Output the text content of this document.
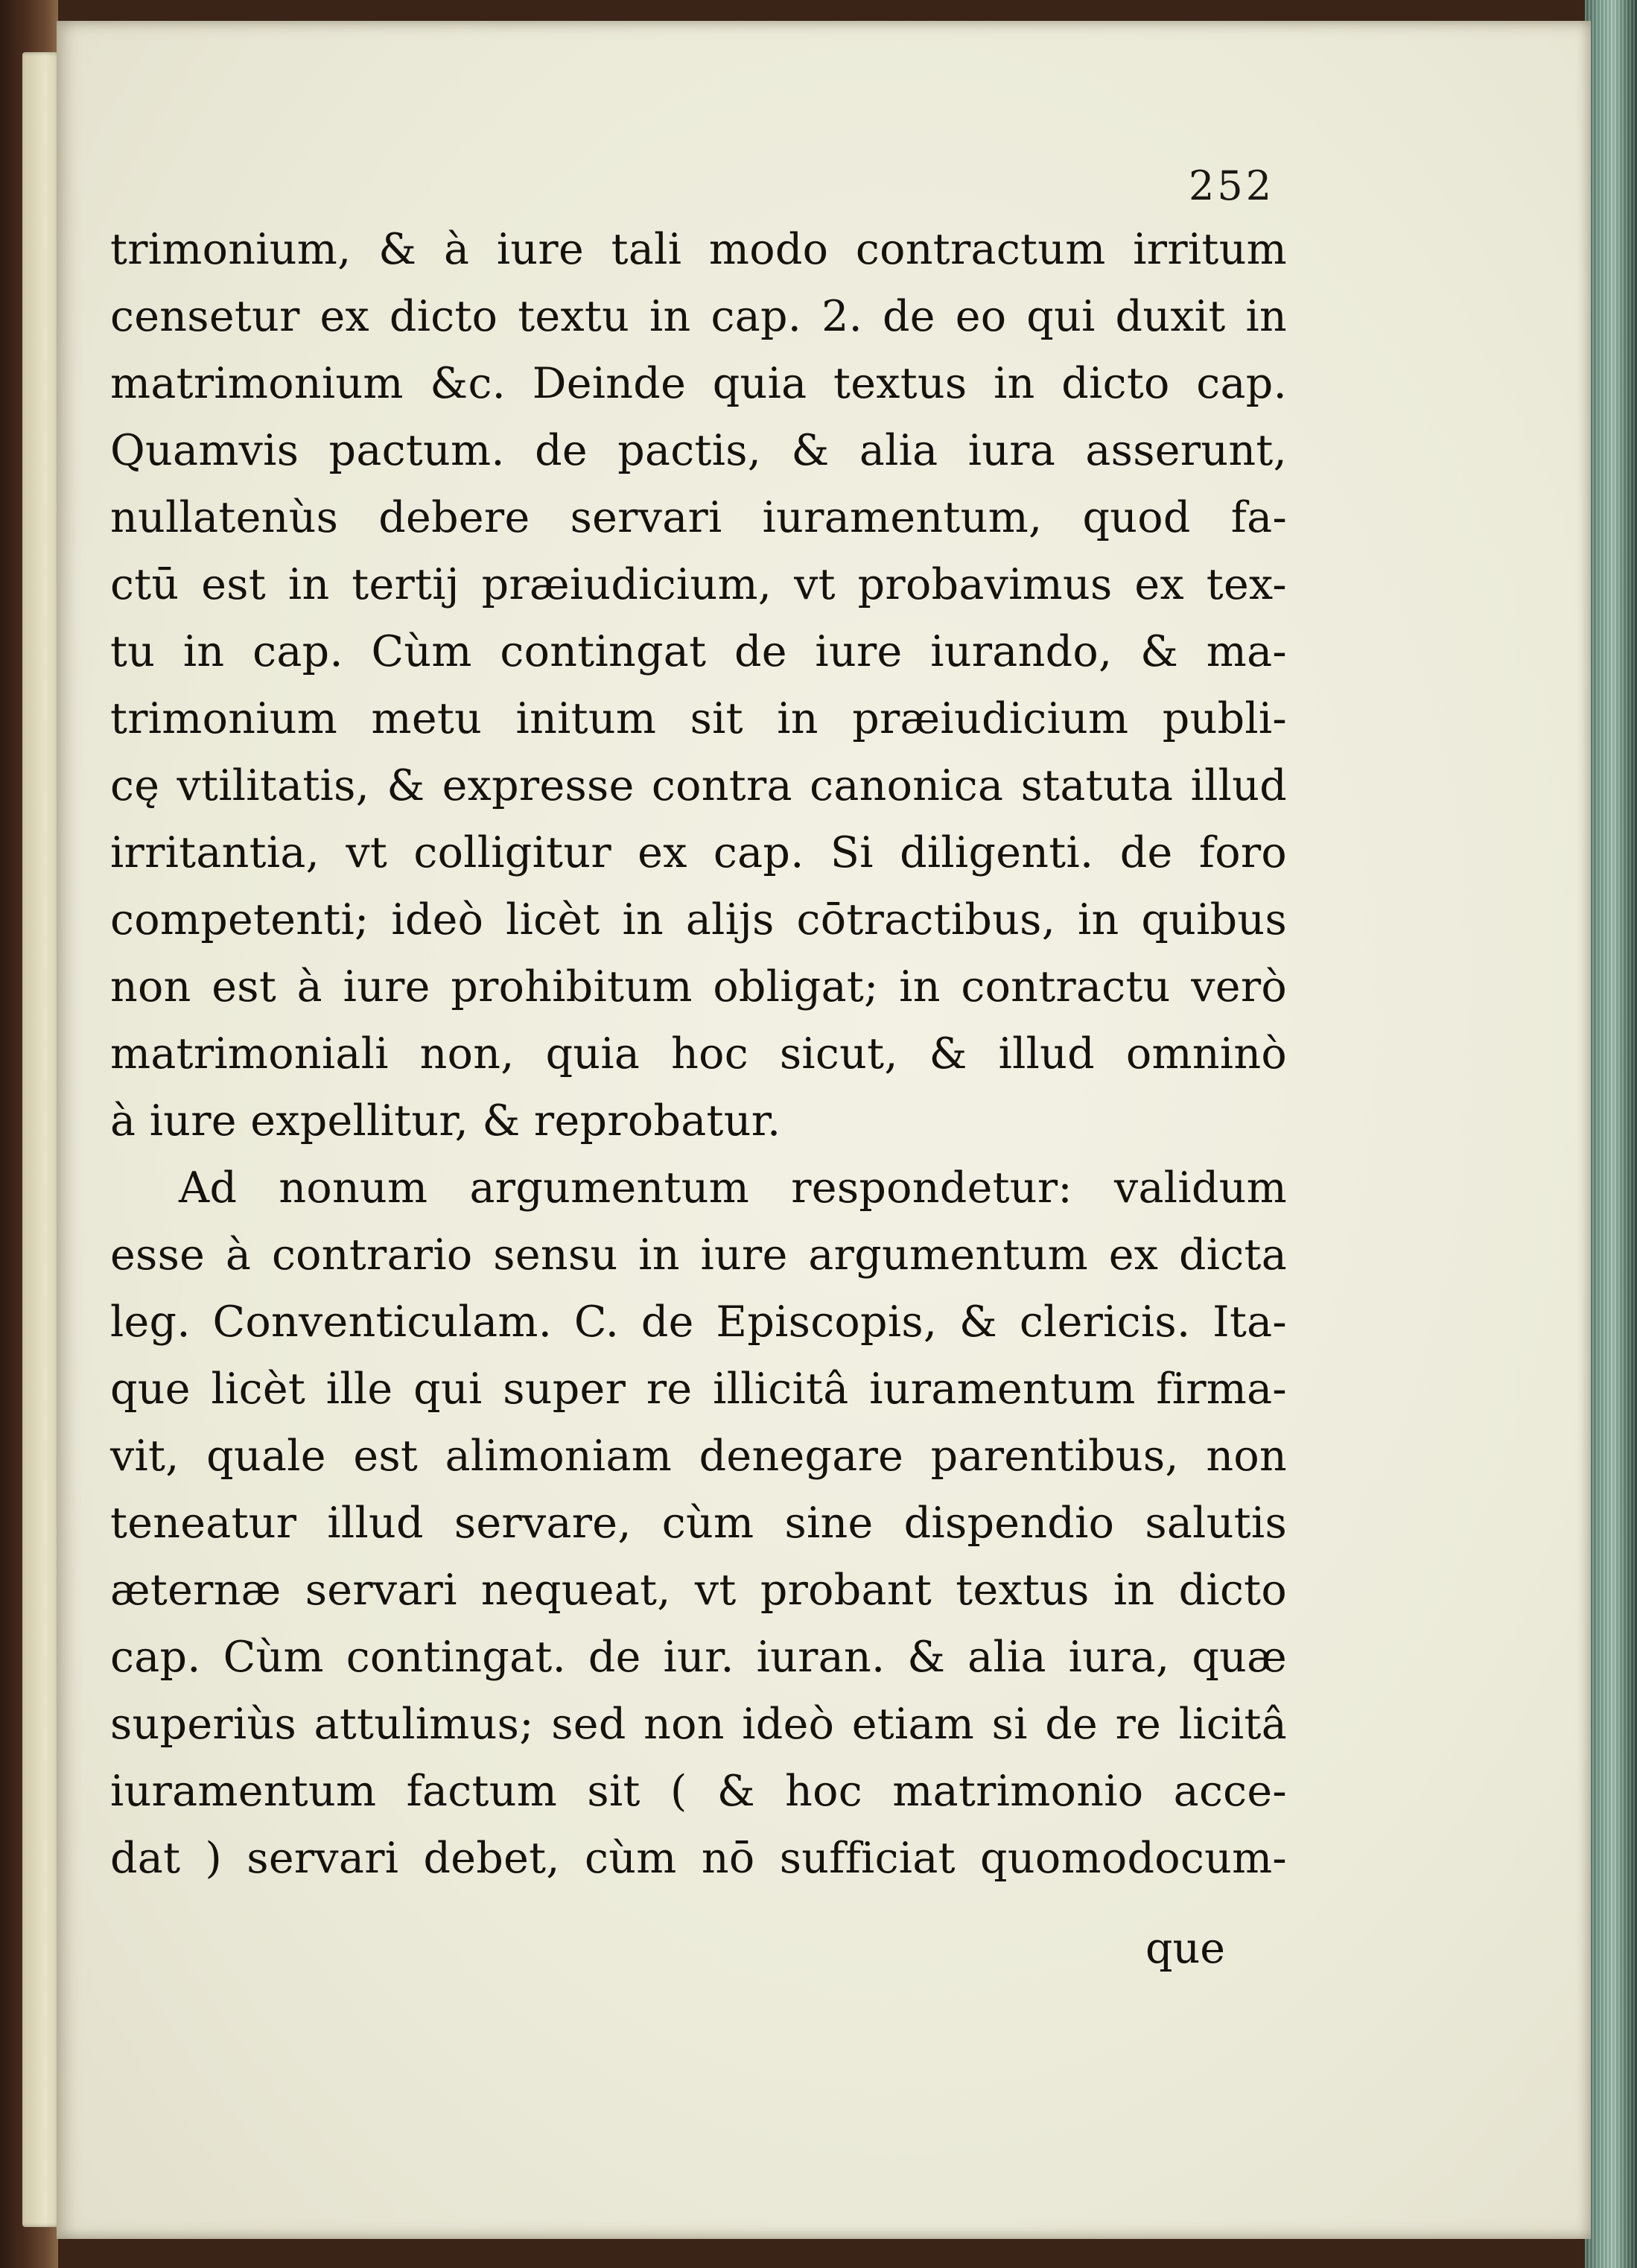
252
trimonium, & à iure tali modo contractum irritum
censetur ex dicto textu in cap. 2. de eo qui duxit in
matrimonium &c. Deinde quia textus in dicto cap.
Quamvis pactum. de pactis, & alia iura asserunt,
nullatenùs debere servari iuramentum, quod fa-
ctū est in tertij præiudicium, vt probavimus ex tex-
tu in cap. Cùm contingat de iure iurando, & ma-
trimonium metu initum sit in præiudicium publi-
cę vtilitatis, & expresse contra canonica statuta illud
irritantia, vt colligitur ex cap. Si diligenti. de foro
competenti; ideò licèt in alijs cōtractibus, in quibus
non est à iure prohibitum obligat; in contractu verò
matrimoniali non, quia hoc sicut, & illud omninò
à iure expellitur, & reprobatur.
Ad nonum argumentum respondetur: validum
esse à contrario sensu in iure argumentum ex dicta
leg. Conventiculam. C. de Episcopis, & clericis. Ita-
que licèt ille qui super re illicitâ iuramentum firma-
vit, quale est alimoniam denegare parentibus, non
teneatur illud servare, cùm sine dispendio salutis
æternæ servari nequeat, vt probant textus in dicto
cap. Cùm contingat. de iur. iuran. & alia iura, quæ
superiùs attulimus; sed non ideò etiam si de re licitâ
iuramentum factum sit ( & hoc matrimonio acce-
dat ) servari debet, cùm nō sufficiat quomodocum-
que
